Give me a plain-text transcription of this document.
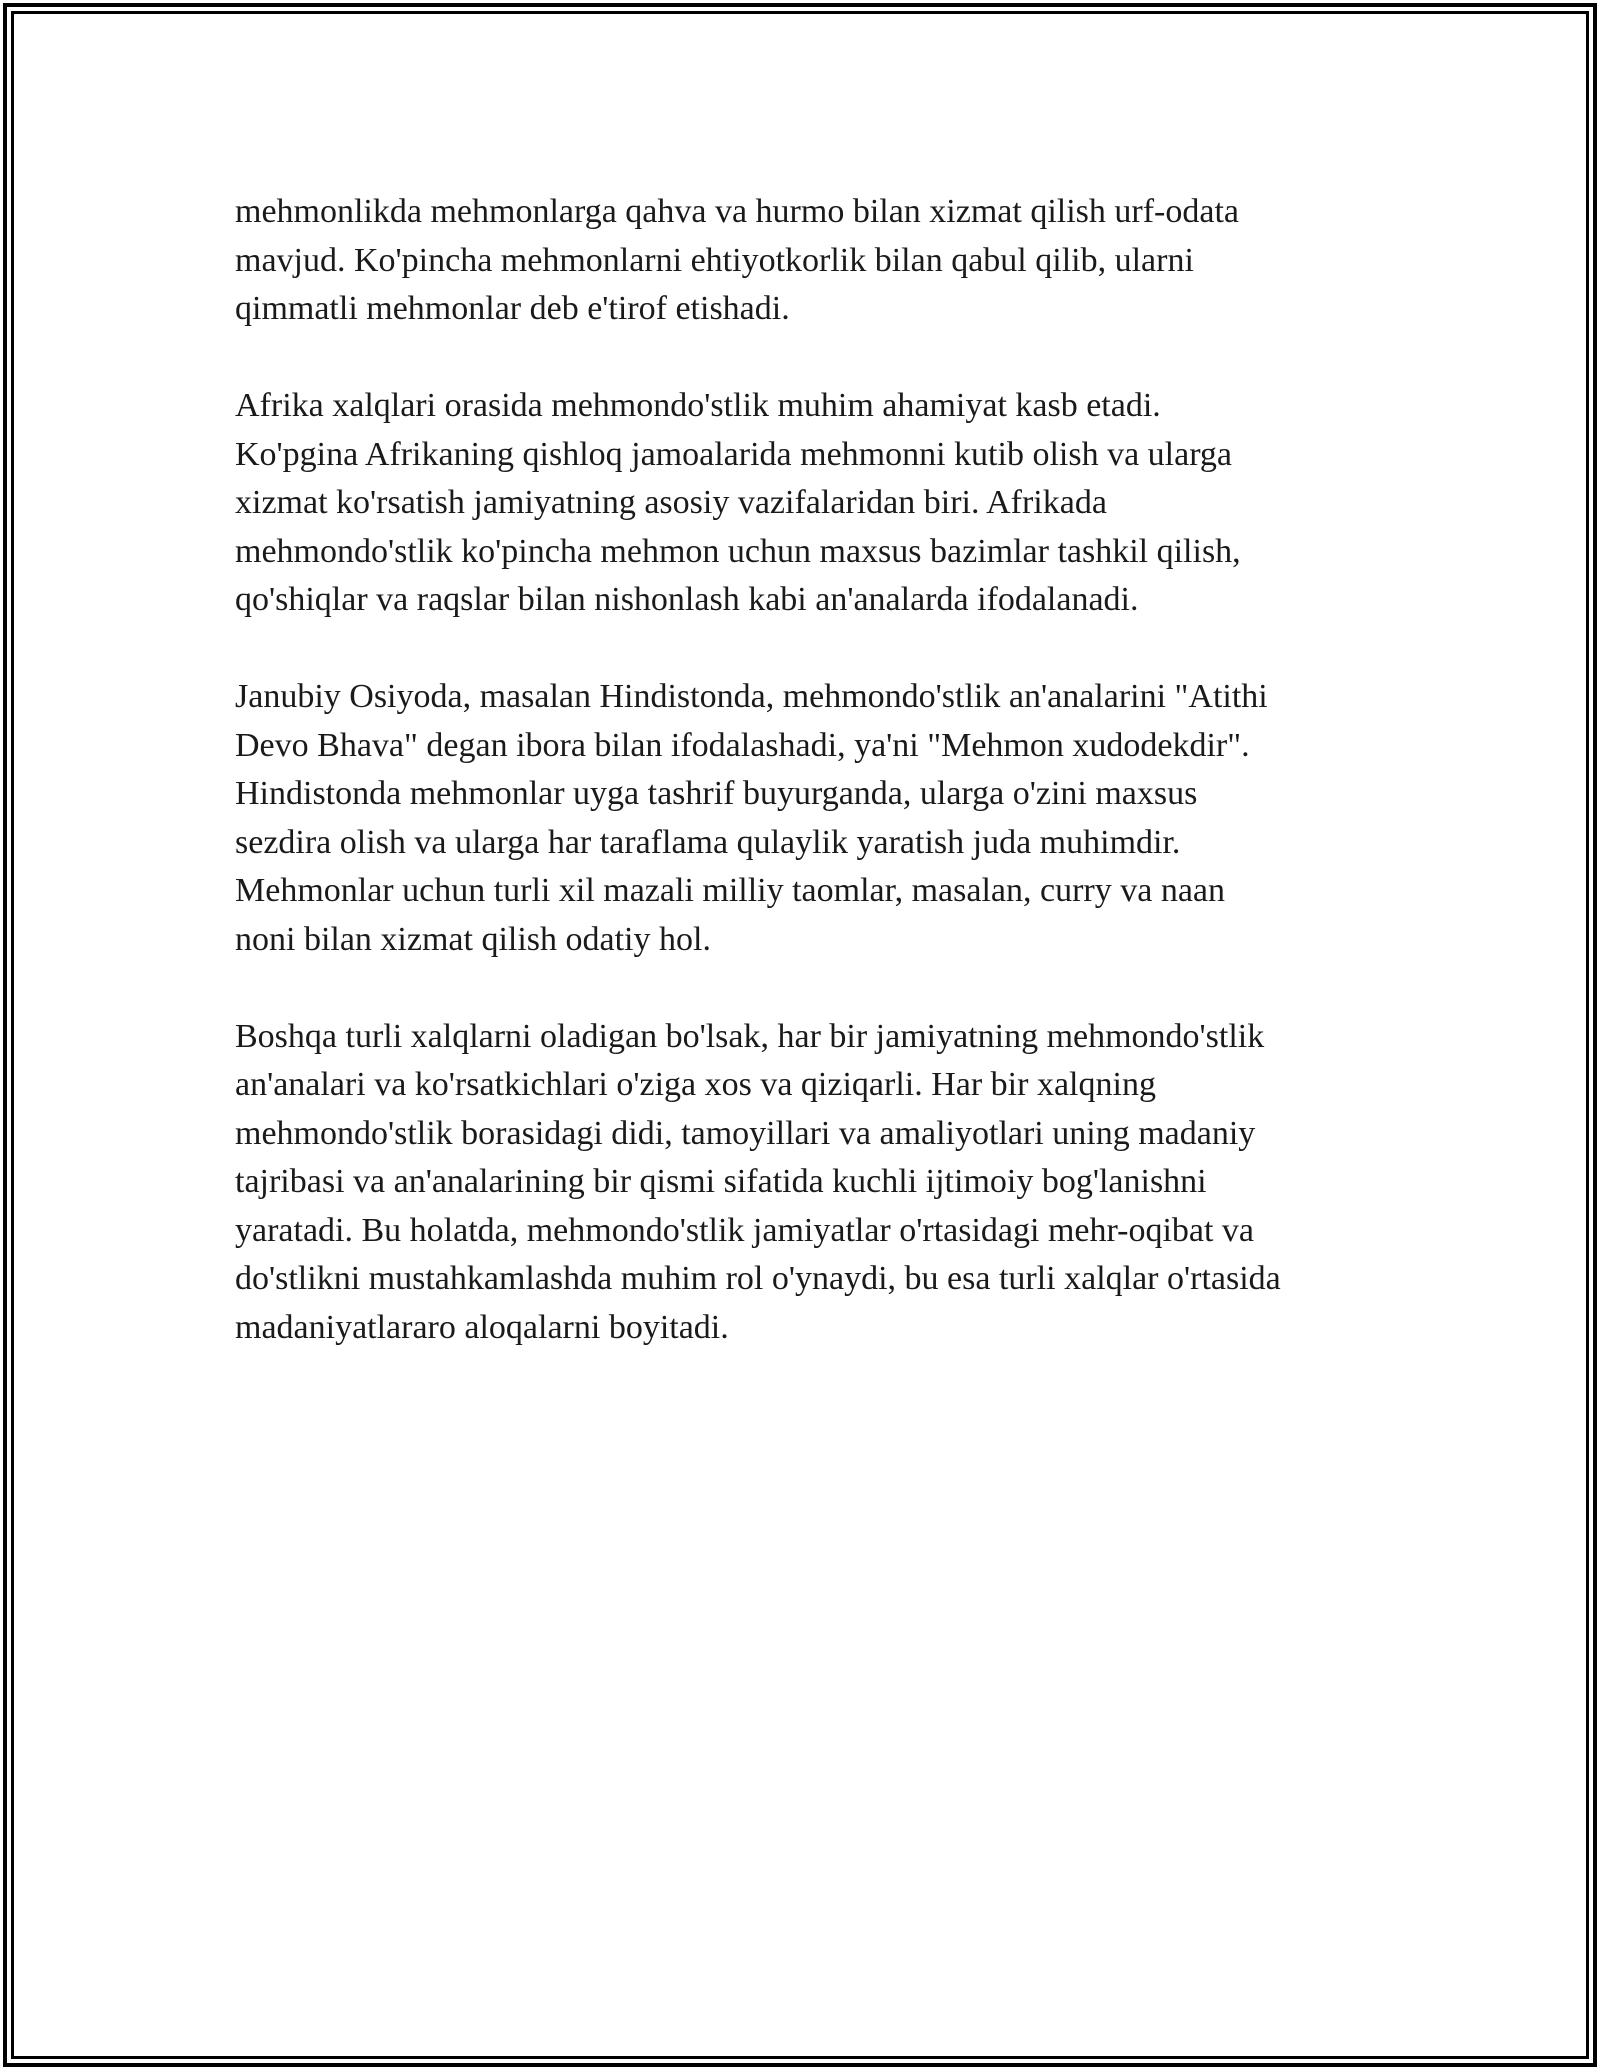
mehmonlikda mehmonlarga qahva va hurmo bilan xizmat qilish urf-odata
mavjud. Ko'pincha mehmonlarni ehtiyotkorlik bilan qabul qilib, ularni
qimmatli mehmonlar deb e'tirof etishadi.

Afrika xalqlari orasida mehmondo'stlik muhim ahamiyat kasb etadi.
Ko'pgina Afrikaning qishloq jamoalarida mehmonni kutib olish va ularga
xizmat ko'rsatish jamiyatning asosiy vazifalaridan biri. Afrikada
mehmondo'stlik ko'pincha mehmon uchun maxsus bazimlar tashkil qilish,
qo'shiqlar va raqslar bilan nishonlash kabi an'analarda ifodalanadi.

Janubiy Osiyoda, masalan Hindistonda, mehmondo'stlik an'analarini "Atithi
Devo Bhava" degan ibora bilan ifodalashadi, ya'ni "Mehmon xudodekdir".
Hindistonda mehmonlar uyga tashrif buyurganda, ularga o'zini maxsus
sezdira olish va ularga har taraflama qulaylik yaratish juda muhimdir.
Mehmonlar uchun turli xil mazali milliy taomlar, masalan, curry va naan
noni bilan xizmat qilish odatiy hol.

Boshqa turli xalqlarni oladigan bo'lsak, har bir jamiyatning mehmondo'stlik
an'analari va ko'rsatkichlari o'ziga xos va qiziqarli. Har bir xalqning
mehmondo'stlik borasidagi didi, tamoyillari va amaliyotlari uning madaniy
tajribasi va an'analarining bir qismi sifatida kuchli ijtimoiy bog'lanishni
yaratadi. Bu holatda, mehmondo'stlik jamiyatlar o'rtasidagi mehr-oqibat va
do'stlikni mustahkamlashda muhim rol o'ynaydi, bu esa turli xalqlar o'rtasida
madaniyatlararo aloqalarni boyitadi.
